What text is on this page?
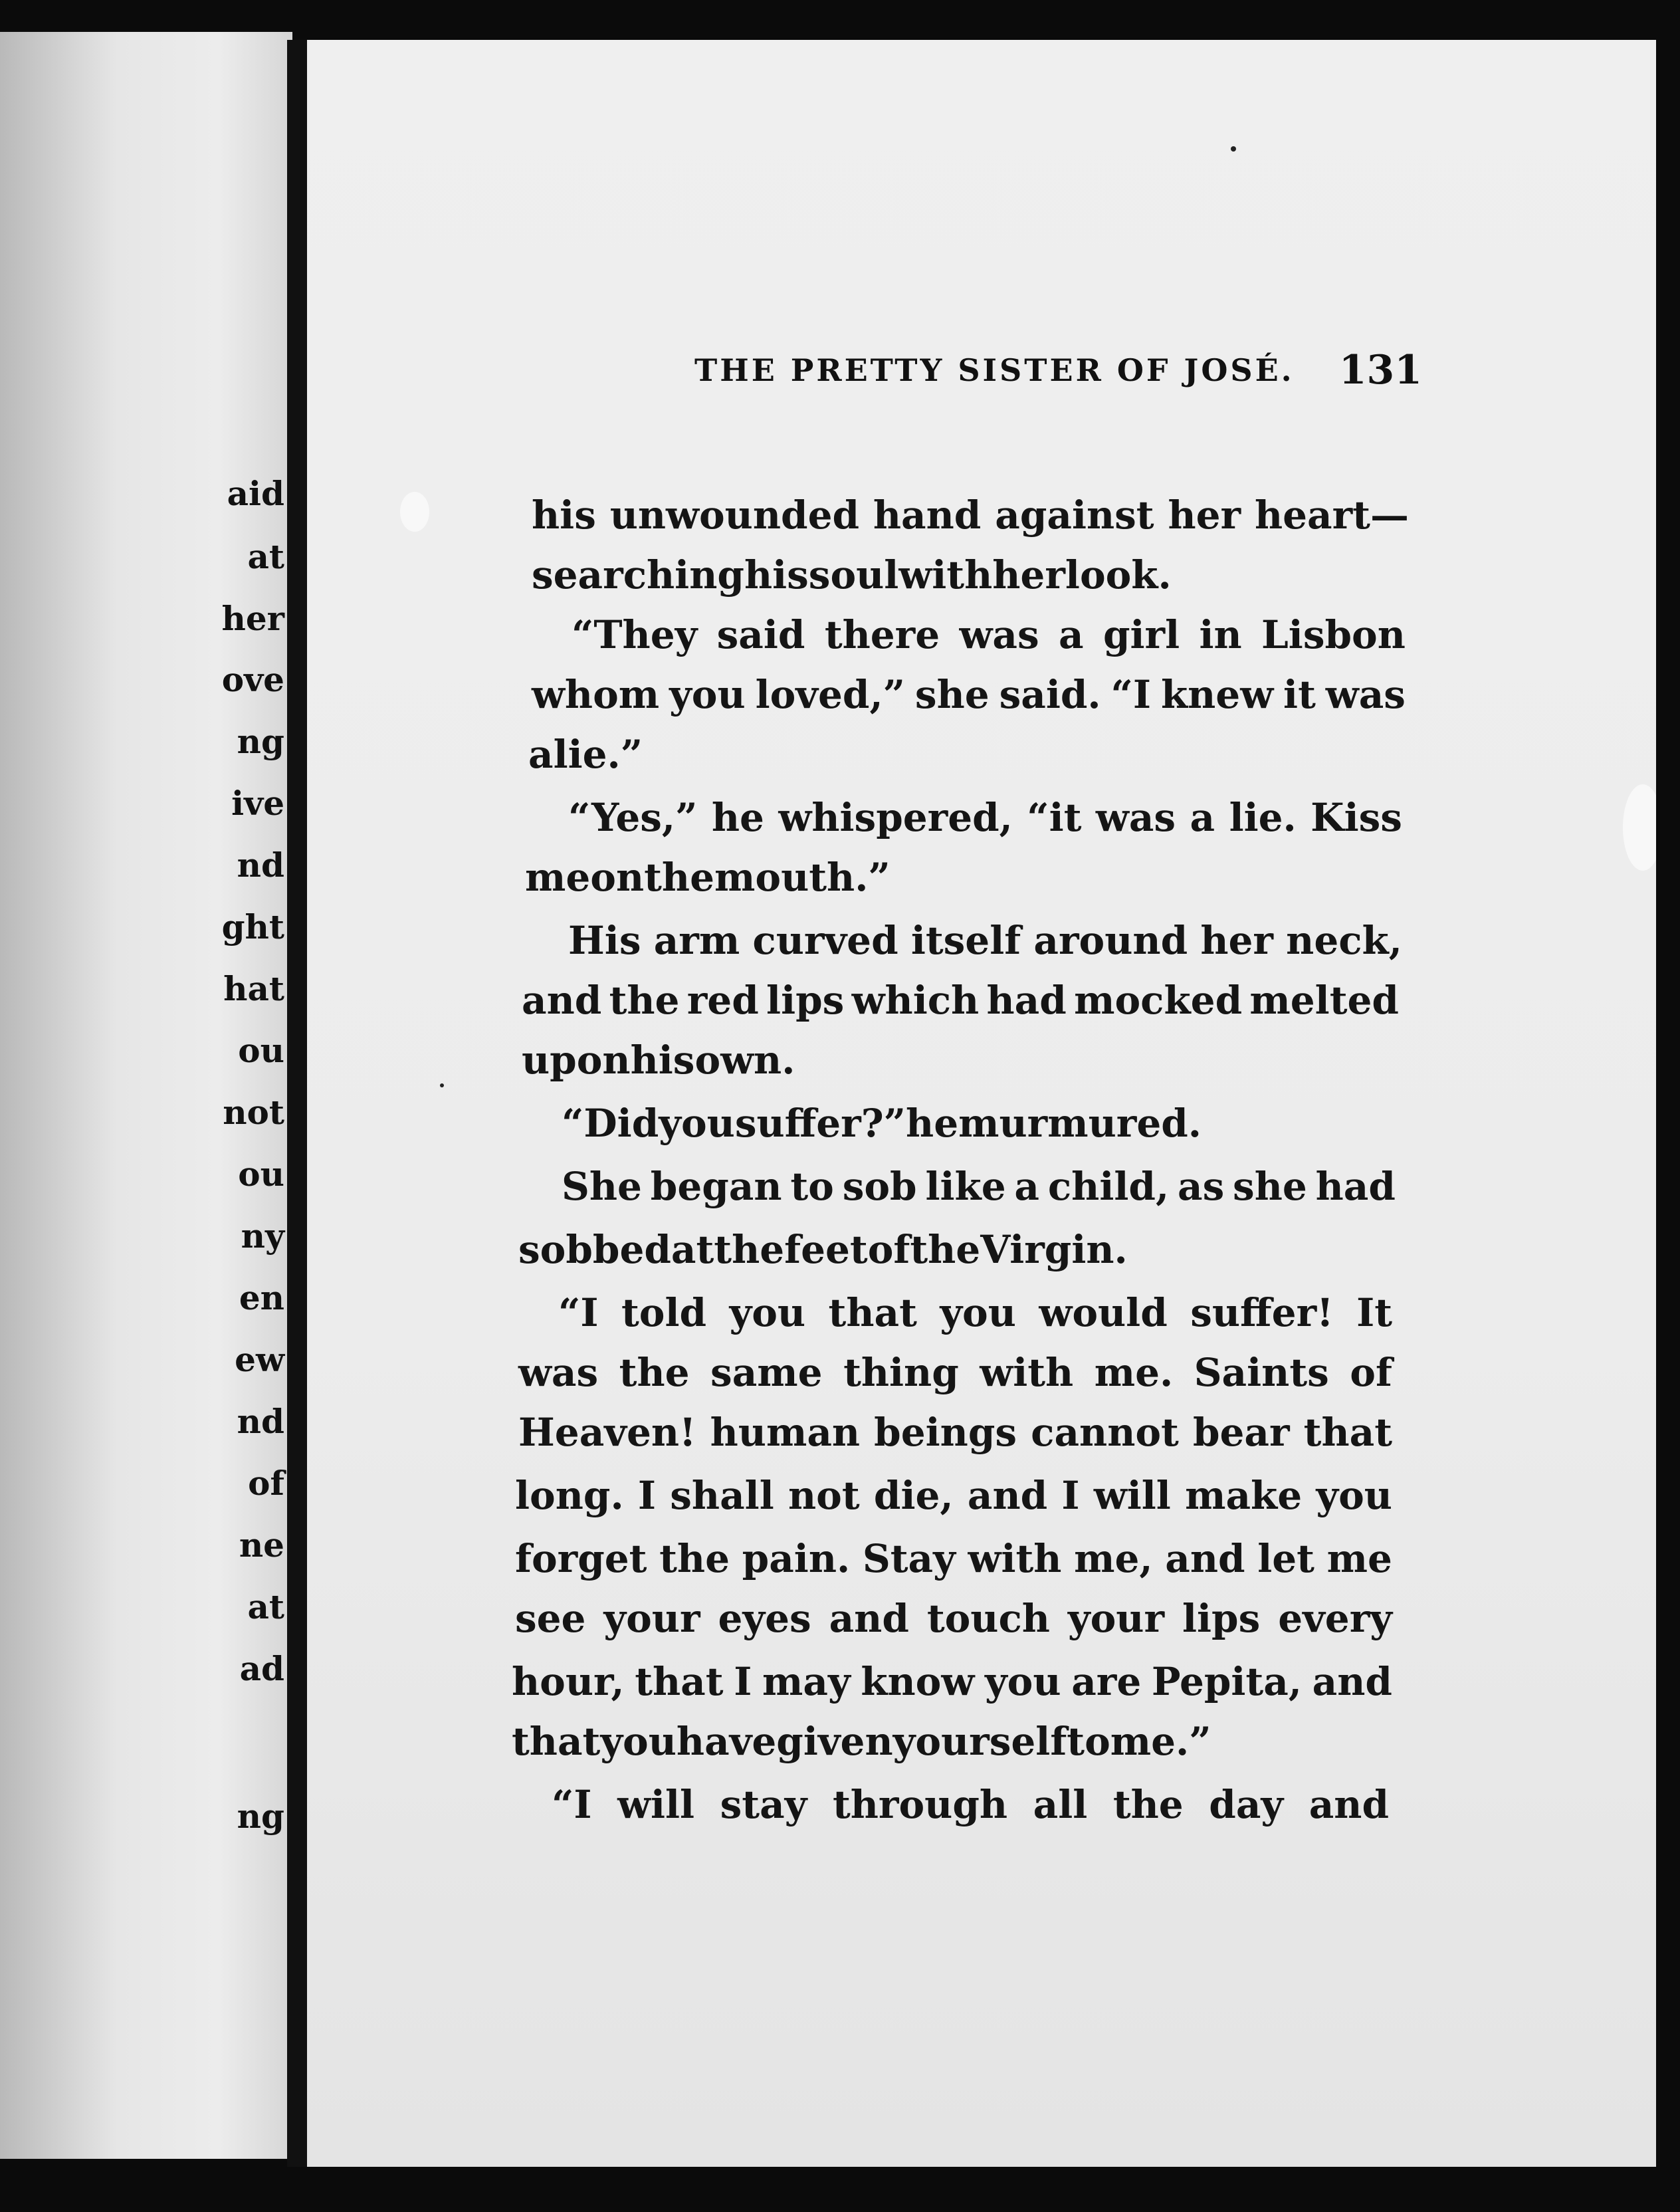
aid
at
her
ove
ng
ive
nd
ght
hat
ou
not
ou
ny
en
ew
nd
of
ne
at
ad
ng
THE PRETTY SISTER OF JOSÉ. 131
his unwounded hand against her heart—
searching his soul with her look.
“They said there was a girl in Lisbon
whom you loved,” she said. “I knew it was
a lie.”
“Yes,” he whispered, “it was a lie. Kiss
me on the mouth.”
His arm curved itself around her neck,
and the red lips which had mocked melted
upon his own.
“Did you suffer?” he murmured.
She began to sob like a child, as she had
sobbed at the feet of the Virgin.
“I told you that you would suffer! It
was the same thing with me. Saints of
Heaven! human beings cannot bear that
long. I shall not die, and I will make you
forget the pain. Stay with me, and let me
see your eyes and touch your lips every
hour, that I may know you are Pepita, and
that you have given yourself to me.”
“I will stay through all the day and
